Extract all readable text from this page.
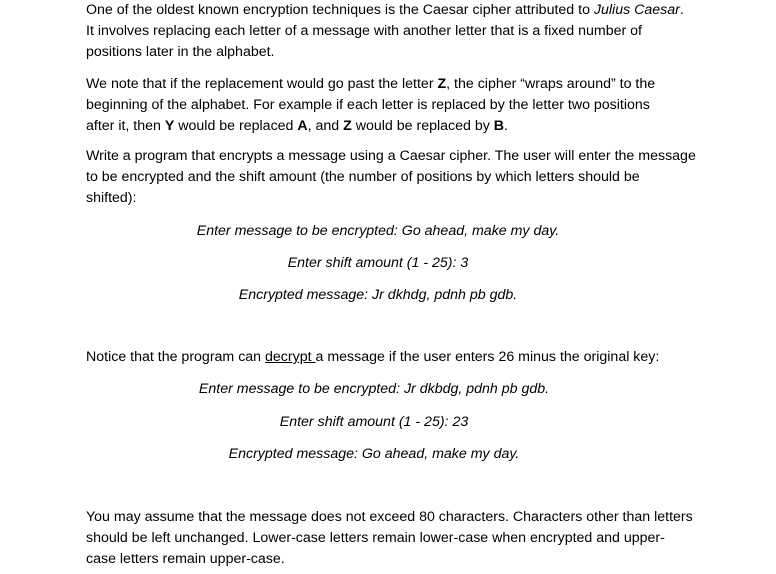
One of the oldest known encryption techniques is the Caesar cipher attributed to Julius Caesar.
It involves replacing each letter of a message with another letter that is a fixed number of
positions later in the alphabet.
We note that if the replacement would go past the letter Z, the cipher “wraps around” to the
beginning of the alphabet. For example if each letter is replaced by the letter two positions
after it, then Y would be replaced A, and Z would be replaced by B.
Write a program that encrypts a message using a Caesar cipher. The user will enter the message
to be encrypted and the shift amount (the number of positions by which letters should be
shifted):
Enter message to be encrypted: Go ahead, make my day.
Enter shift amount (1 - 25): 3
Encrypted message: Jr dkhdg, pdnh pb gdb.
Notice that the program can decrypt a message if the user enters 26 minus the original key:
Enter message to be encrypted: Jr dkbdg, pdnh pb gdb.
Enter shift amount (1 - 25): 23
Encrypted message: Go ahead, make my day.
You may assume that the message does not exceed 80 characters. Characters other than letters
should be left unchanged. Lower-case letters remain lower-case when encrypted and upper-
case letters remain upper-case.
